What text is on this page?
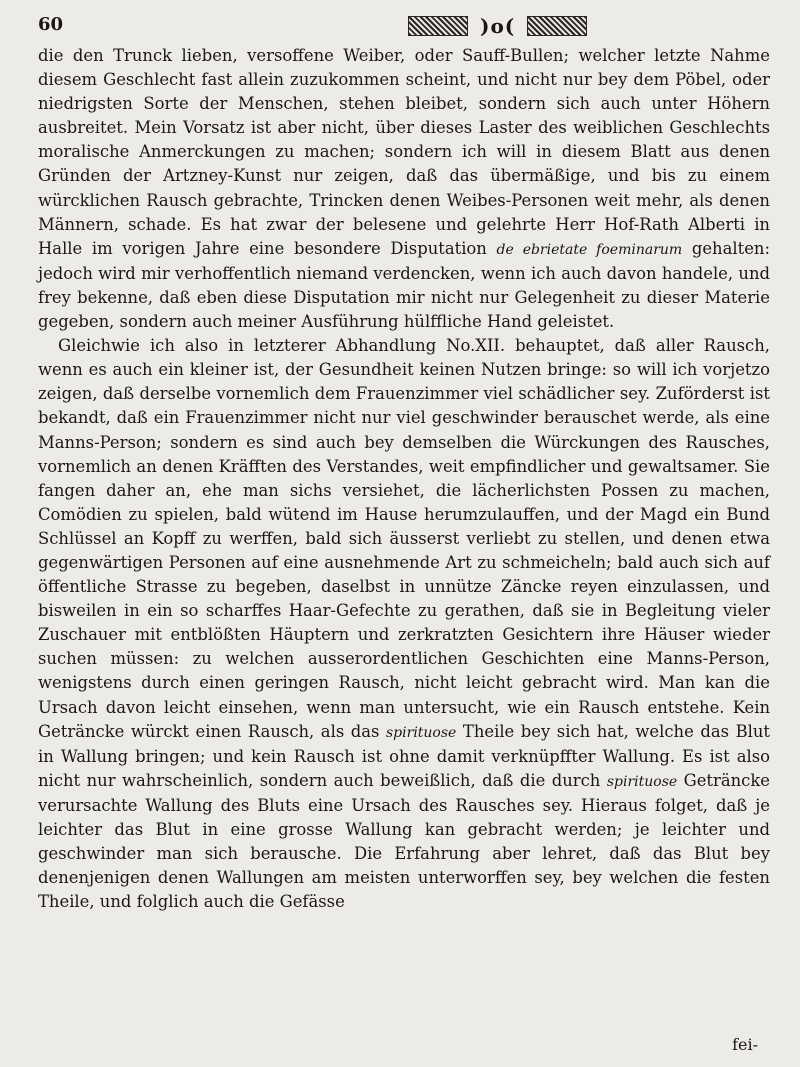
60	)o(

die den Trunck lieben, versoffene Weiber, oder Sauff-Bullen; welcher letzte Nahme diesem Geschlecht fast allein zuzukommen scheint, und nicht nur bey dem Pöbel, oder niedrigsten Sorte der Menschen, stehen bleibet, sondern sich auch unter Höhern ausbreitet. Mein Vorsatz ist aber nicht, über dieses Laster des weiblichen Geschlechts moralische Anmerckungen zu machen; sondern ich will in diesem Blatt aus denen Gründen der Artzney-Kunst nur zeigen, daß das übermäßige, und bis zu einem würcklichen Rausch gebrachte, Trincken denen Weibes-Personen weit mehr, als denen Männern, schade. Es hat zwar der belesene und gelehrte Herr Hof-Rath Alberti in Halle im vorigen Jahre eine besondere Disputation de ebrietate foeminarum gehalten: jedoch wird mir verhoffentlich niemand verdencken, wenn ich auch davon handele, und frey bekenne, daß eben diese Disputation mir nicht nur Gelegenheit zu dieser Materie gegeben, sondern auch meiner Ausführung hülffliche Hand geleistet.

Gleichwie ich also in letzterer Abhandlung No.XII. behauptet, daß aller Rausch, wenn es auch ein kleiner ist, der Gesundheit keinen Nutzen bringe: so will ich vorjetzo zeigen, daß derselbe vornemlich dem Frauenzimmer viel schädlicher sey. Zuförderst ist bekandt, daß ein Frauenzimmer nicht nur viel geschwinder berauschet werde, als eine Manns-Person; sondern es sind auch bey demselben die Würckungen des Rausches, vornemlich an denen Kräfften des Verstandes, weit empfindlicher und gewaltsamer. Sie fangen daher an, ehe man sichs versiehet, die lächerlichsten Possen zu machen, Comödien zu spielen, bald wütend im Hause herumzulauffen, und der Magd ein Bund Schlüssel an Kopff zu werffen, bald sich äusserst verliebt zu stellen, und denen etwa gegenwärtigen Personen auf eine ausnehmende Art zu schmeicheln; bald auch sich auf öffentliche Strasse zu begeben, daselbst in unnütze Zäncke reyen einzulassen, und bisweilen in ein so scharffes Haar-Gefechte zu gerathen, daß sie in Begleitung vieler Zuschauer mit entblößten Häuptern und zerkratzten Gesichtern ihre Häuser wieder suchen müssen: zu welchen ausserordentlichen Geschichten eine Manns-Person, wenigstens durch einen geringen Rausch, nicht leicht gebracht wird. Man kan die Ursach davon leicht einsehen, wenn man untersucht, wie ein Rausch entstehe. Kein Geträncke würckt einen Rausch, als das spirituose Theile bey sich hat, welche das Blut in Wallung bringen; und kein Rausch ist ohne damit verknüpffter Wallung. Es ist also nicht nur wahrscheinlich, sondern auch beweißlich, daß die durch spirituose Geträncke verursachte Wallung des Bluts eine Ursach des Rausches sey. Hieraus folget, daß je leichter das Blut in eine grosse Wallung kan gebracht werden; je leichter und geschwinder man sich berausche. Die Erfahrung aber lehret, daß das Blut bey denenjenigen denen Wallungen am meisten unterworffen sey, bey welchen die festen Theile, und folglich auch die Gefässe

fei-
